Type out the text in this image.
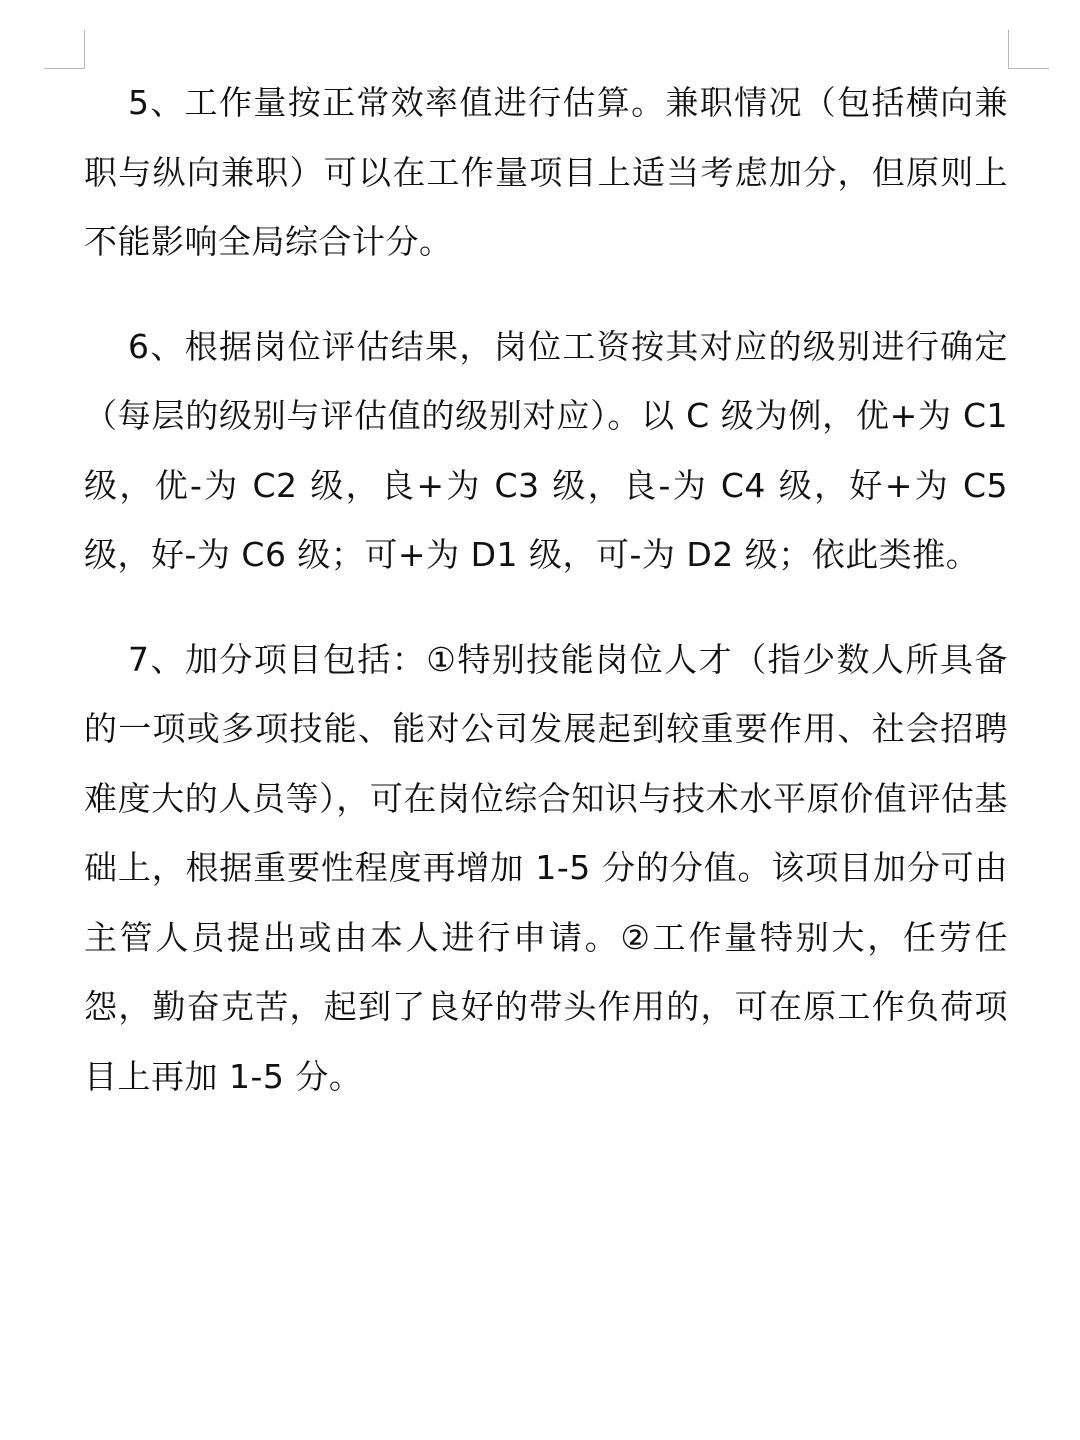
5、工作量按正常效率值进行估算。兼职情况（包括横向兼职与纵向兼职）可以在工作量项目上适当考虑加分，但原则上不能影响全局综合计分。

6、根据岗位评估结果，岗位工资按其对应的级别进行确定（每层的级别与评估值的级别对应）。以 C 级为例，优+为 C1 级，优-为 C2 级，良+为 C3 级，良-为 C4 级，好+为 C5 级，好-为 C6 级；可+为 D1 级，可-为 D2 级；依此类推。

7、加分项目包括：①特别技能岗位人才（指少数人所具备的一项或多项技能、能对公司发展起到较重要作用、社会招聘难度大的人员等），可在岗位综合知识与技术水平原价值评估基础上，根据重要性程度再增加 1-5 分的分值。该项目加分可由主管人员提出或由本人进行申请。②工作量特别大，任劳任怨，勤奋克苦，起到了良好的带头作用的，可在原工作负荷项目上再加 1-5 分。
